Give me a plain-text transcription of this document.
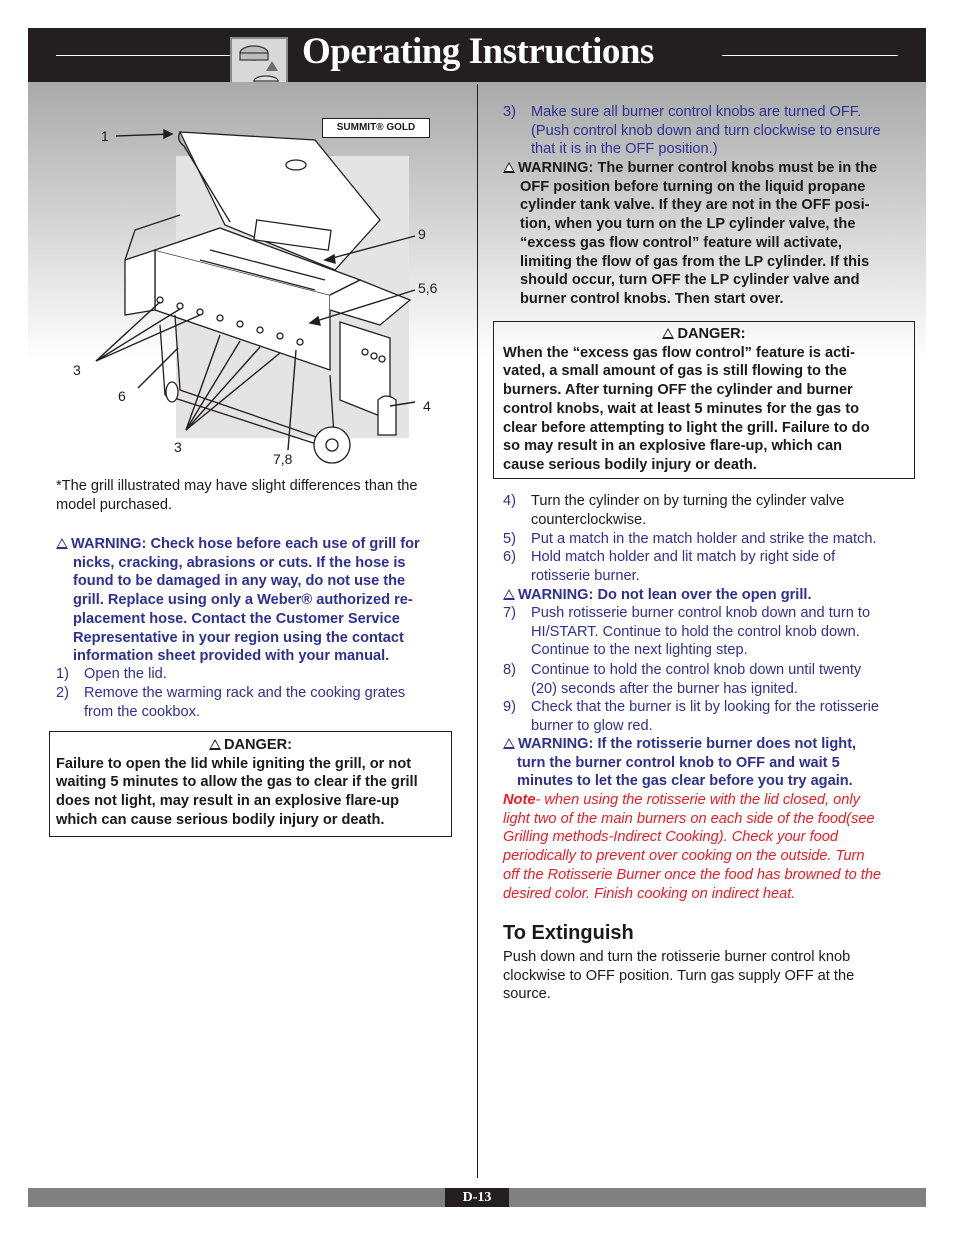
Operating Instructions
SUMMIT® GOLD
1
9
5,6
3
6
4
3
7,8
*The grill illustrated may have slight differences than the model purchased.
WARNING: Check hose before each use of grill for
nicks, cracking, abrasions or cuts. If the hose is
found to be damaged in any way, do not use the
grill. Replace using only a Weber® authorized re-
placement hose. Contact the Customer Service
Representative in your region using the contact
information sheet provided with your manual.
1) Open the lid.
2) Remove the warming rack and the cooking grates
from the cookbox.
DANGER:
Failure to open the lid while igniting the grill, or not
waiting 5 minutes to allow the gas to clear if the grill
does not light, may result in an explosive flare-up
which can cause serious bodily injury or death.
3) Make sure all burner control knobs are turned OFF.
(Push control knob down and turn clockwise to ensure
that it is in the OFF position.)
WARNING: The burner control knobs must be in the
OFF position before turning on the liquid propane
cylinder tank valve. If they are not in the OFF posi-
tion, when you turn on the LP cylinder valve, the
“excess gas flow control” feature will activate,
limiting the flow of gas from the LP cylinder. If this
should occur, turn OFF the LP cylinder valve and
burner control knobs. Then start over.
DANGER:
When the “excess gas flow control” feature is acti-
vated, a small amount of gas is still flowing to the
burners. After turning OFF the cylinder and burner
control knobs, wait at least 5 minutes for the gas to
clear before attempting to light the grill. Failure to do
so may result in an explosive flare-up, which can
cause serious bodily injury or death.
4) Turn the cylinder on by turning the cylinder valve
counterclockwise.
5) Put a match in the match holder and strike the match.
6) Hold match holder and lit match by right side of
rotisserie burner.
WARNING: Do not lean over the open grill.
7) Push rotisserie burner control knob down and turn to
HI/START. Continue to hold the control knob down.
Continue to the next lighting step.
8) Continue to hold the control knob down until twenty
(20) seconds after the burner has ignited.
9) Check that the burner is lit by looking for the rotisserie
burner to glow red.
WARNING: If the rotisserie burner does not light,
turn the burner control knob to OFF and wait 5
minutes to let the gas clear before you try again.
Note- when using the rotisserie with the lid closed, only
light two of the main burners on each side of the food(see
Grilling methods-Indirect Cooking). Check your food
periodically to prevent over cooking on the outside. Turn
off the Rotisserie Burner once the food has browned to the
desired color. Finish cooking on indirect heat.
To Extinguish
Push down and turn the rotisserie burner control knob
clockwise to OFF position. Turn gas supply OFF at the
source.
D-13
